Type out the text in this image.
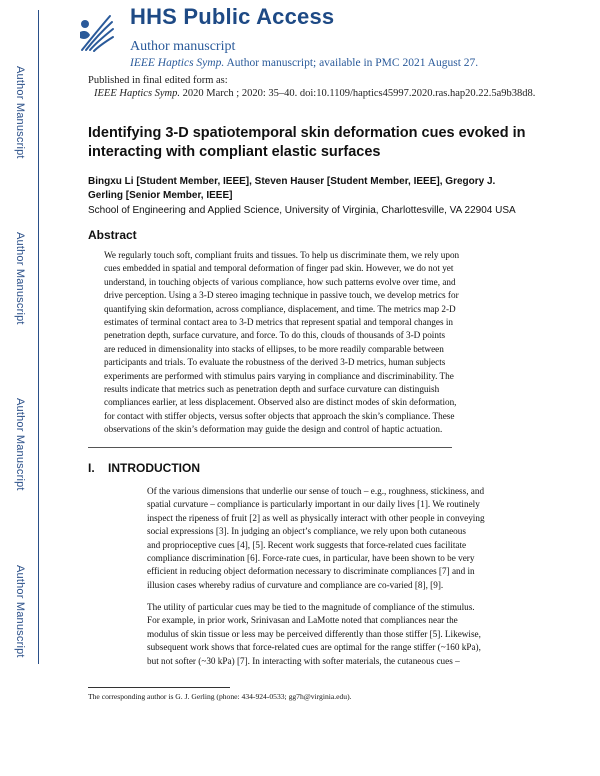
Author Manuscript
Author Manuscript
Author Manuscript
Author Manuscript
HHS Public Access
Author manuscript
IEEE Haptics Symp. Author manuscript; available in PMC 2021 August 27.
Published in final edited form as:
IEEE Haptics Symp. 2020 March ; 2020: 35–40. doi:10.1109/haptics45997.2020.ras.hap20.22.5a9b38d8.
Identifying 3-D spatiotemporal skin deformation cues evoked in interacting with compliant elastic surfaces
Bingxu Li [Student Member, IEEE], Steven Hauser [Student Member, IEEE], Gregory J. Gerling [Senior Member, IEEE]
School of Engineering and Applied Science, University of Virginia, Charlottesville, VA 22904 USA
Abstract
We regularly touch soft, compliant fruits and tissues. To help us discriminate them, we rely upon
cues embedded in spatial and temporal deformation of finger pad skin. However, we do not yet
understand, in touching objects of various compliance, how such patterns evolve over time, and
drive perception. Using a 3-D stereo imaging technique in passive touch, we develop metrics for
quantifying skin deformation, across compliance, displacement, and time. The metrics map 2-D
estimates of terminal contact area to 3-D metrics that represent spatial and temporal changes in
penetration depth, surface curvature, and force. To do this, clouds of thousands of 3-D points
are reduced in dimensionality into stacks of ellipses, to be more readily comparable between
participants and trials. To evaluate the robustness of the derived 3-D metrics, human subjects
experiments are performed with stimulus pairs varying in compliance and discriminability. The
results indicate that metrics such as penetration depth and surface curvature can distinguish
compliances earlier, at less displacement. Observed also are distinct modes of skin deformation,
for contact with stiffer objects, versus softer objects that approach the skin’s compliance. These
observations of the skin’s deformation may guide the design and control of haptic actuation.
I. INTRODUCTION
Of the various dimensions that underlie our sense of touch – e.g., roughness, stickiness, and
spatial curvature – compliance is particularly important in our daily lives [1]. We routinely
inspect the ripeness of fruit [2] as well as physically interact with other people in conveying
social expressions [3]. In judging an object’s compliance, we rely upon both cutaneous
and proprioceptive cues [4], [5]. Recent work suggests that force-related cues facilitate
compliance discrimination [6]. Force-rate cues, in particular, have been shown to be very
efficient in reducing object deformation necessary to discriminate compliances [7] and in
illusion cases whereby radius of curvature and compliance are co-varied [8], [9].
The utility of particular cues may be tied to the magnitude of compliance of the stimulus.
For example, in prior work, Srinivasan and LaMotte noted that compliances near the
modulus of skin tissue or less may be perceived differently than those stiffer [5]. Likewise,
subsequent work shows that force-related cues are optimal for the range stiffer (~160 kPa),
but not softer (~30 kPa) [7]. In interacting with softer materials, the cutaneous cues –
The corresponding author is G. J. Gerling (phone: 434-924-0533; gg7h@virginia.edu).
